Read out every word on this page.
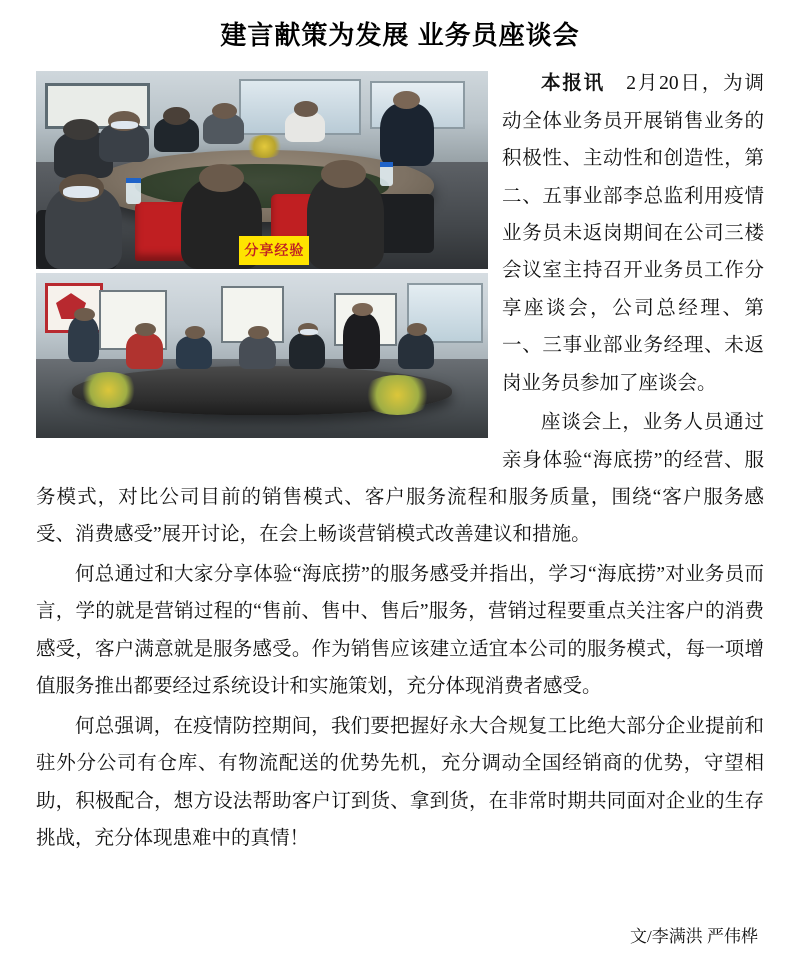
建言献策为发展 业务员座谈会
分享经验

本报讯　2月20日，为调动全体业务员开展销售业务的积极性、主动性和创造性，第二、五事业部李总监利用疫情业务员未返岗期间在公司三楼会议室主持召开业务员工作分享座谈会，公司总经理、第一、三事业部业务经理、未返岗业务员参加了座谈会。

座谈会上，业务人员通过亲身体验“海底捞”的经营、服务模式，对比公司目前的销售模式、客户服务流程和服务质量，围绕“客户服务感受、消费感受”展开讨论，在会上畅谈营销模式改善建议和措施。

何总通过和大家分享体验“海底捞”的服务感受并指出，学习“海底捞”对业务员而言，学的就是营销过程的“售前、售中、售后”服务，营销过程要重点关注客户的消费感受，客户满意就是服务感受。作为销售应该建立适宜本公司的服务模式，每一项增值服务推出都要经过系统设计和实施策划，充分体现消费者感受。

何总强调，在疫情防控期间，我们要把握好永大合规复工比绝大部分企业提前和驻外分公司有仓库、有物流配送的优势先机，充分调动全国经销商的优势，守望相助，积极配合，想方设法帮助客户订到货、拿到货，在非常时期共同面对企业的生存挑战，充分体现患难中的真情！

文/李满洪 严伟桦
